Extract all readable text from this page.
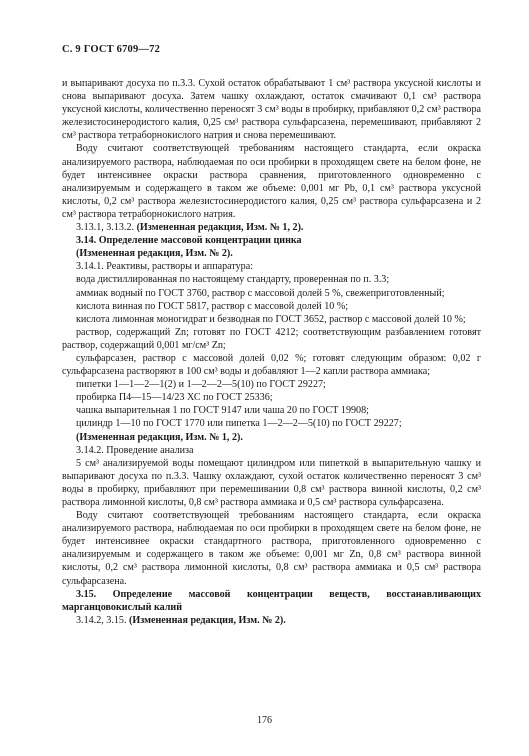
С. 9 ГОСТ 6709—72

и выпаривают досуха по п.3.3. Сухой остаток обрабатывают 1 см³ раствора уксусной кислоты и снова выпаривают досуха. Затем чашку охлаждают, остаток смачивают 0,1 см³ раствора уксусной кислоты, количественно переносят 3 см³ воды в пробирку, прибавляют 0,2 см³ раствора железистосинеродистого калия, 0,25 см³ раствора сульфарсазена, перемешивают, прибавляют 2 см³ раствора тетраборнокислого натрия и снова перемешивают.

Воду считают соответствующей требованиям настоящего стандарта, если окраска анализируемого раствора, наблюдаемая по оси пробирки в проходящем свете на белом фоне, не будет интенсивнее окраски раствора сравнения, приготовленного одновременно с анализируемым и содержащего в таком же объеме: 0,001 мг Pb, 0,1 см³ раствора уксусной кислоты, 0,2 см³ раствора железистосинеродистого калия, 0,25 см³ раствора сульфарсазена и 2 см³ раствора тетраборнокислого натрия.

3.13.1, 3.13.2. (Измененная редакция, Изм. № 1, 2).

3.14. Определение массовой концентрации цинка

(Измененная редакция, Изм. № 2).

3.14.1. Реактивы, растворы и аппаратура:

вода дистиллированная по настоящему стандарту, проверенная по п. 3.3;

аммиак водный по ГОСТ 3760, раствор с массовой долей 5 %, свежеприготовленный;

кислота винная по ГОСТ 5817, раствор с массовой долей 10 %;

кислота лимонная моногидрат и безводная по ГОСТ 3652, раствор с массовой долей 10 %;

раствор, содержащий Zn; готовят по ГОСТ 4212; соответствующим разбавлением готовят раствор, содержащий 0,001 мг/см³ Zn;

сульфарсазен, раствор с массовой долей 0,02 %; готовят следующим образом: 0,02 г сульфарсазена растворяют в 100 см³ воды и добавляют 1—2 капли раствора аммиака;

пипетки 1—1—2—1(2) и 1—2—2—5(10) по ГОСТ 29227;

пробирка П4—15—14/23 ХС по ГОСТ 25336;

чашка выпарительная 1 по ГОСТ 9147 или чаша 20 по ГОСТ 19908;

цилиндр 1—10 по ГОСТ 1770 или пипетка 1—2—2—5(10) по ГОСТ 29227;

(Измененная редакция, Изм. № 1, 2).

3.14.2. Проведение анализа

5 см³ анализируемой воды помещают цилиндром или пипеткой в выпарительную чашку и выпаривают досуха по п.3.3. Чашку охлаждают, сухой остаток количественно переносят 3 см³ воды в пробирку, прибавляют при перемешивании 0,8 см³ раствора винной кислоты, 0,2 см³ раствора лимонной кислоты, 0,8 см³ раствора аммиака и 0,5 см³ раствора сульфарсазена.

Воду считают соответствующей требованиям настоящего стандарта, если окраска анализируемого раствора, наблюдаемая по оси пробирки в проходящем свете на белом фоне, не будет интенсивнее окраски стандартного раствора, приготовленного одновременно с анализируемым и содержащего в таком же объеме: 0,001 мг Zn, 0,8 см³ раствора винной кислоты, 0,2 см³ раствора лимонной кислоты, 0,8 см³ раствора аммиака и 0,5 см³ раствора сульфарсазена.

3.15. Определение массовой концентрации веществ, восстанавливающих марганцовокислый калий

3.14.2, 3.15. (Измененная редакция, Изм. № 2).

176
